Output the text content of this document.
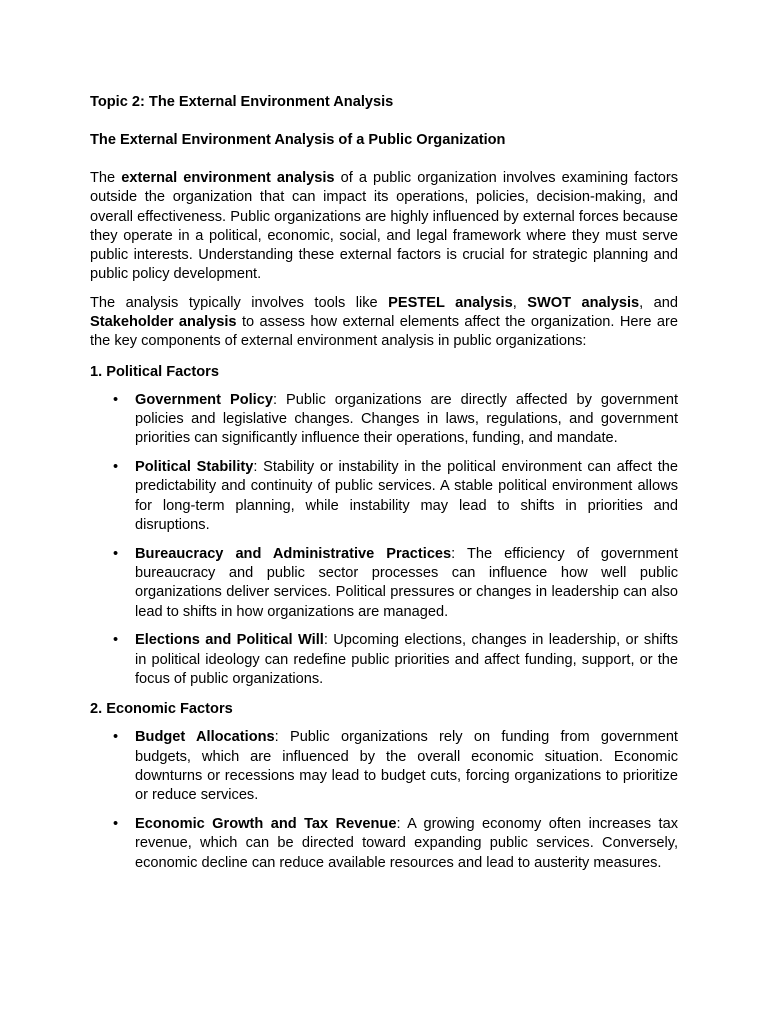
Topic 2: The External Environment Analysis

The External Environment Analysis of a Public Organization

The external environment analysis of a public organization involves examining factors outside the organization that can impact its operations, policies, decision-making, and overall effectiveness. Public organizations are highly influenced by external forces because they operate in a political, economic, social, and legal framework where they must serve public interests. Understanding these external factors is crucial for strategic planning and public policy development.

The analysis typically involves tools like PESTEL analysis, SWOT analysis, and Stakeholder analysis to assess how external elements affect the organization. Here are the key components of external environment analysis in public organizations:

1. Political Factors
• Government Policy: Public organizations are directly affected by government policies and legislative changes. Changes in laws, regulations, and government priorities can significantly influence their operations, funding, and mandate.
• Political Stability: Stability or instability in the political environment can affect the predictability and continuity of public services. A stable political environment allows for long-term planning, while instability may lead to shifts in priorities and disruptions.
• Bureaucracy and Administrative Practices: The efficiency of government bureaucracy and public sector processes can influence how well public organizations deliver services. Political pressures or changes in leadership can also lead to shifts in how organizations are managed.
• Elections and Political Will: Upcoming elections, changes in leadership, or shifts in political ideology can redefine public priorities and affect funding, support, or the focus of public organizations.
2. Economic Factors
• Budget Allocations: Public organizations rely on funding from government budgets, which are influenced by the overall economic situation. Economic downturns or recessions may lead to budget cuts, forcing organizations to prioritize or reduce services.
• Economic Growth and Tax Revenue: A growing economy often increases tax revenue, which can be directed toward expanding public services. Conversely, economic decline can reduce available resources and lead to austerity measures.
